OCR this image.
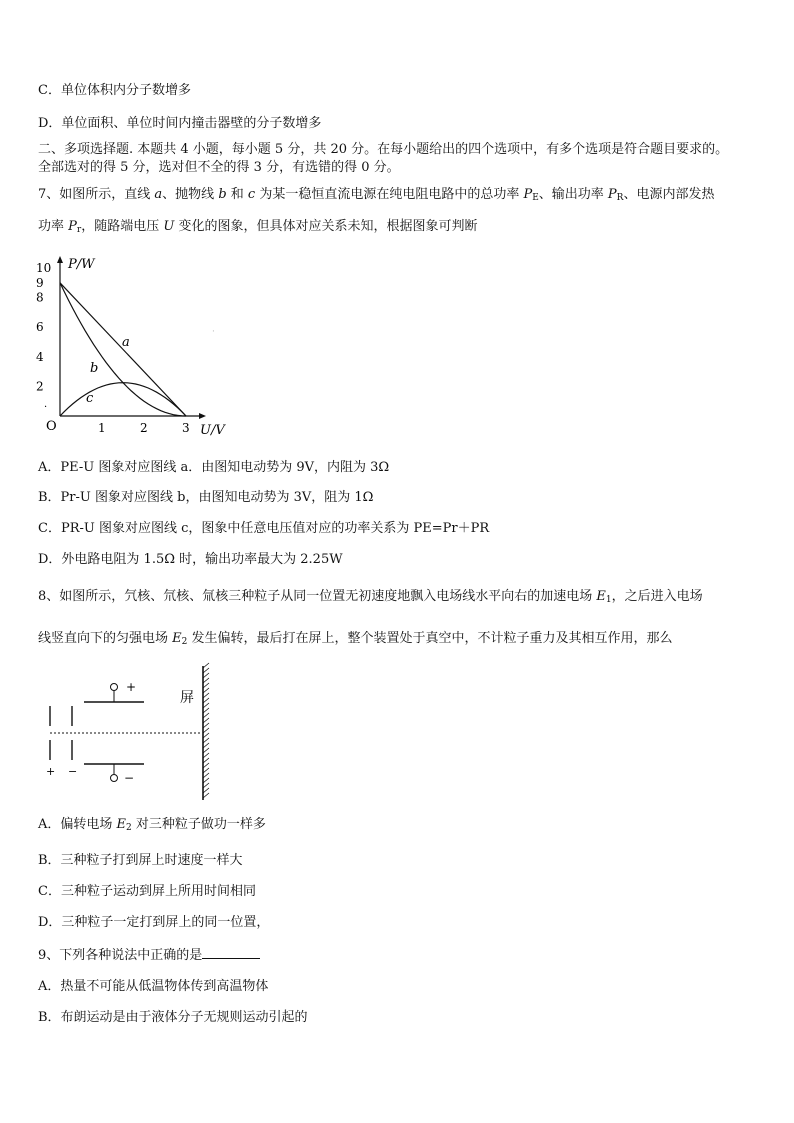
C．单位体积内分子数增多
D．单位面积、单位时间内撞击器壁的分子数增多
二、多项选择题. 本题共 4 小题，每小题 5 分，共 20 分。在每小题给出的四个选项中，有多个选项是符合题目要求的。
全部选对的得 5 分，选对但不全的得 3 分，有选错的得 0 分。
7、如图所示，直线 a、抛物线 b 和 c 为某一稳恒直流电源在纯电阻电路中的总功率 $P_E$、输出功率 $P_R$、电源内部发热
功率 $P_r$，随路端电压 U 变化的图象，但具体对应关系未知，根据图象可判断
P/W
U/V
O
10
9
8
6
4
2
1	2	3
a
b
c
·
·
A．PE-U 图象对应图线 a．由图知电动势为 9V，内阻为 3Ω
B．Pr-U 图象对应图线 b，由图知电动势为 3V，阻为 1Ω
C．PR-U 图象对应图线 c，图象中任意电压值对应的功率关系为 PE=Pr＋PR
D．外电路电阻为 1.5Ω 时，输出功率最大为 2.25W
8、如图所示，氕核、氘核、氚核三种粒子从同一位置无初速度地飘入电场线水平向右的加速电场 $E_1$，之后进入电场
线竖直向下的匀强电场 $E_2$ 发生偏转，最后打在屏上，整个装置处于真空中，不计粒子重力及其相互作用，那么
+ −
+
−
屏
A．偏转电场 $E_2$ 对三种粒子做功一样多
B．三种粒子打到屏上时速度一样大
C．三种粒子运动到屏上所用时间相同
D．三种粒子一定打到屏上的同一位置，
9、下列各种说法中正确的是
A．热量不可能从低温物体传到高温物体
B．布朗运动是由于液体分子无规则运动引起的
